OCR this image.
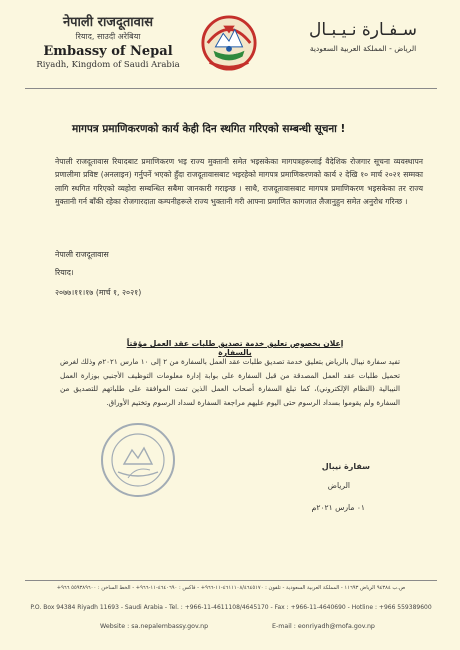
नेपाली राजदूतावास
रियाद, साउदी अरेबिया
Embassy of Nepal
Riyadh, Kingdom of Saudi Arabia
سـفـارة نـيـبـال
الرياض - المملكة العربية السعودية
मागपत्र प्रमाणिकरणको कार्य केही दिन स्थगित गरिएको सम्बन्धी सूचना !
नेपाली राजदूतावास रियादबाट प्रमाणिकरण भइ राज्य मुक्तानी समेत भइसकेका मागपत्रहरूलाई वैदेशिक रोजगार सूचना व्यवस्थापन प्रणालीमा प्रविष्ट (अनलाइन) गर्नुपर्ने भएको हुँदा राजदूतावासबाट भइरहेको मागपत्र प्रमाणिकरणको कार्य २ देखि १० मार्च २०२१ सम्मका लागि स्थगित गरिएको व्यहोरा सम्बन्धित सबैमा जानकारी गराइन्छ । साथै, राजदूतावासबाट मागपत्र प्रमाणिकरण भइसकेका तर राज्य मुक्तानी गर्न बाँकी रहेका रोजगारदाता कम्पनीहरूले राज्य भुक्तानी गरी आफ्ना प्रमाणित कागजात लैजानुहुन समेत अनुरोध गरिन्छ ।
नेपाली राजदूतावास
रियाद।
२०७७।११।१७ (मार्च १, २०२१)
إعلان بخصوص تعليق خدمة تصديق طلبات عقد العمل مؤقتاً بالسفارة
تفيد سفارة نيبال بالرياض بتعليق خدمة تصديق طلبات عقد العمل بالسفارة من ٢ إلى ١٠ مارس ٢٠٢١م وذلك لغرض تحميل طلبات عقد العمل المصدقة من قبل السفارة على بوابة إدارة معلومات التوظيف الأجنبي بوزارة العمل النيبالية (النظام الإلكتروني)، كما تبلغ السفارة أصحاب العمل الذين تمت الموافقة على طلباتهم للتصديق من السفارة ولم يقوموا بسداد الرسوم حتى اليوم عليهم مراجعة السفارة لسداد الرسوم وتختيم الأوراق.
سفارة نيبال
الرياض
٠١ مارس ٢٠٢١م
ص.ب ٩٤٣٨٤ الرياض ١١٦٩٣ - المملكة العربية السعودية - تلفون : ٤٦١١١٠٨/٤٦٤٥١٧٠-١١-٩٦٦+ - فاكس : ٤٦٤٠٦٩٠-١١-٩٦٦+ - الخط الساخن : ٥٥٩٣٨٩٦٠٠ ٩٦٦+
P.O. Box 94384 Riyadh 11693 - Saudi Arabia - Tel. : +966-11-4611108/4645170 - Fax : +966-11-4640690 - Hotline : +966 559389600
Website : sa.nepalembassy.gov.np	E-mail : eonriyadh@mofa.gov.np
